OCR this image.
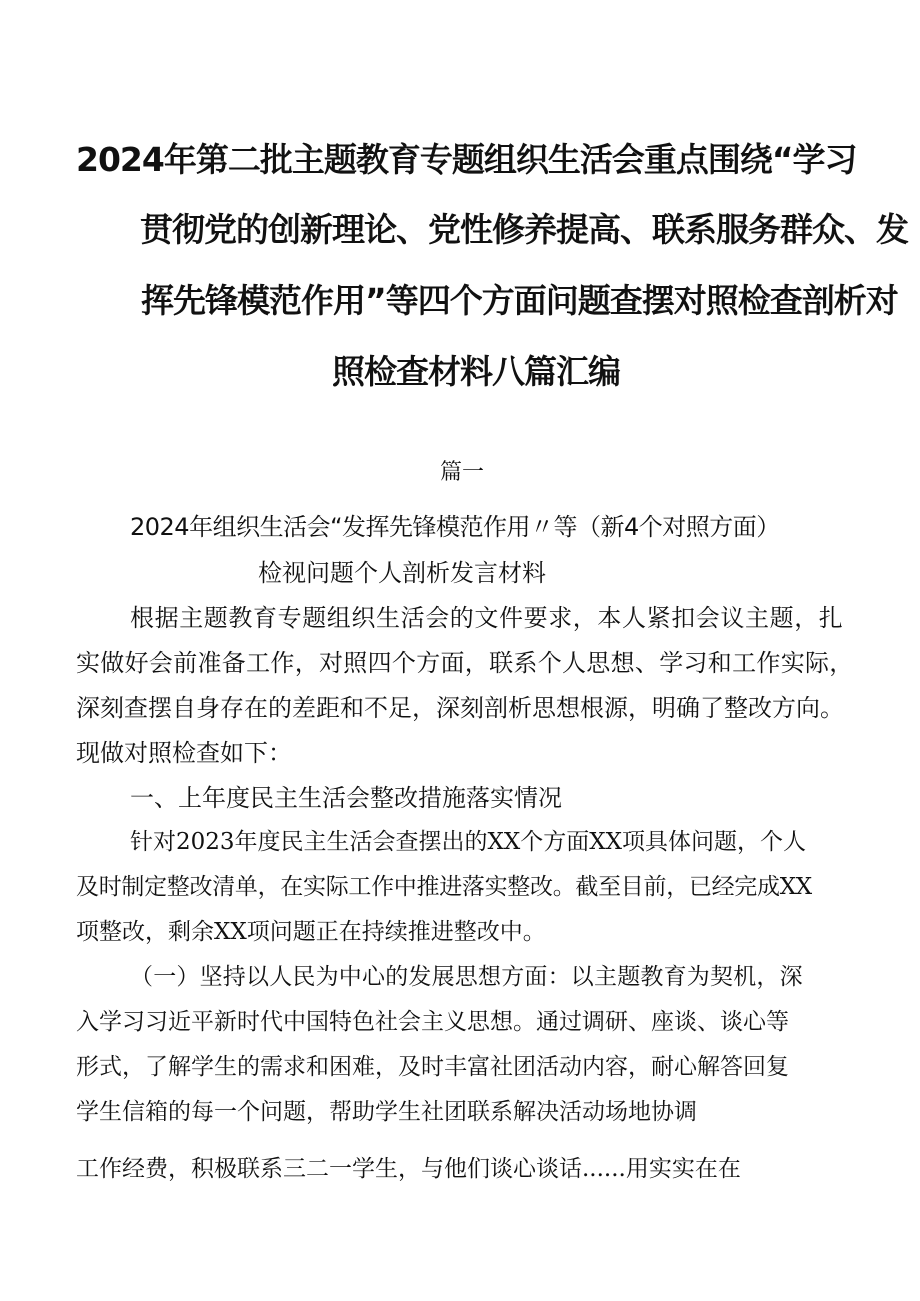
2024年第二批主题教育专题组织生活会重点围绕“学习
贯彻党的创新理论、党性修养提高、联系服务群众、发
挥先锋模范作用”等四个方面问题查摆对照检查剖析对
照检查材料八篇汇编
篇一
2024年组织生活会“发挥先锋模范作用〃等（新4个对照方面）
检视问题个人剖析发言材料
根据主题教育专题组织生活会的文件要求，本人紧扣会议主题，扎
实做好会前准备工作，对照四个方面，联系个人思想、学习和工作实际，
深刻查摆自身存在的差距和不足，深刻剖析思想根源，明确了整改方向。
现做对照检查如下：
一、上年度民主生活会整改措施落实情况
针对2023年度民主生活会查摆出的XX个方面XX项具体问题，个人
及时制定整改清单，在实际工作中推进落实整改。截至目前，已经完成XX
项整改，剩余XX项问题正在持续推进整改中。
（一）坚持以人民为中心的发展思想方面：以主题教育为契机，深
入学习习近平新时代中国特色社会主义思想。通过调研、座谈、谈心等
形式，了解学生的需求和困难，及时丰富社团活动内容，耐心解答回复
学生信箱的每一个问题，帮助学生社团联系解决活动场地协调
工作经费，积极联系三二一学生，与他们谈心谈话......用实实在在
